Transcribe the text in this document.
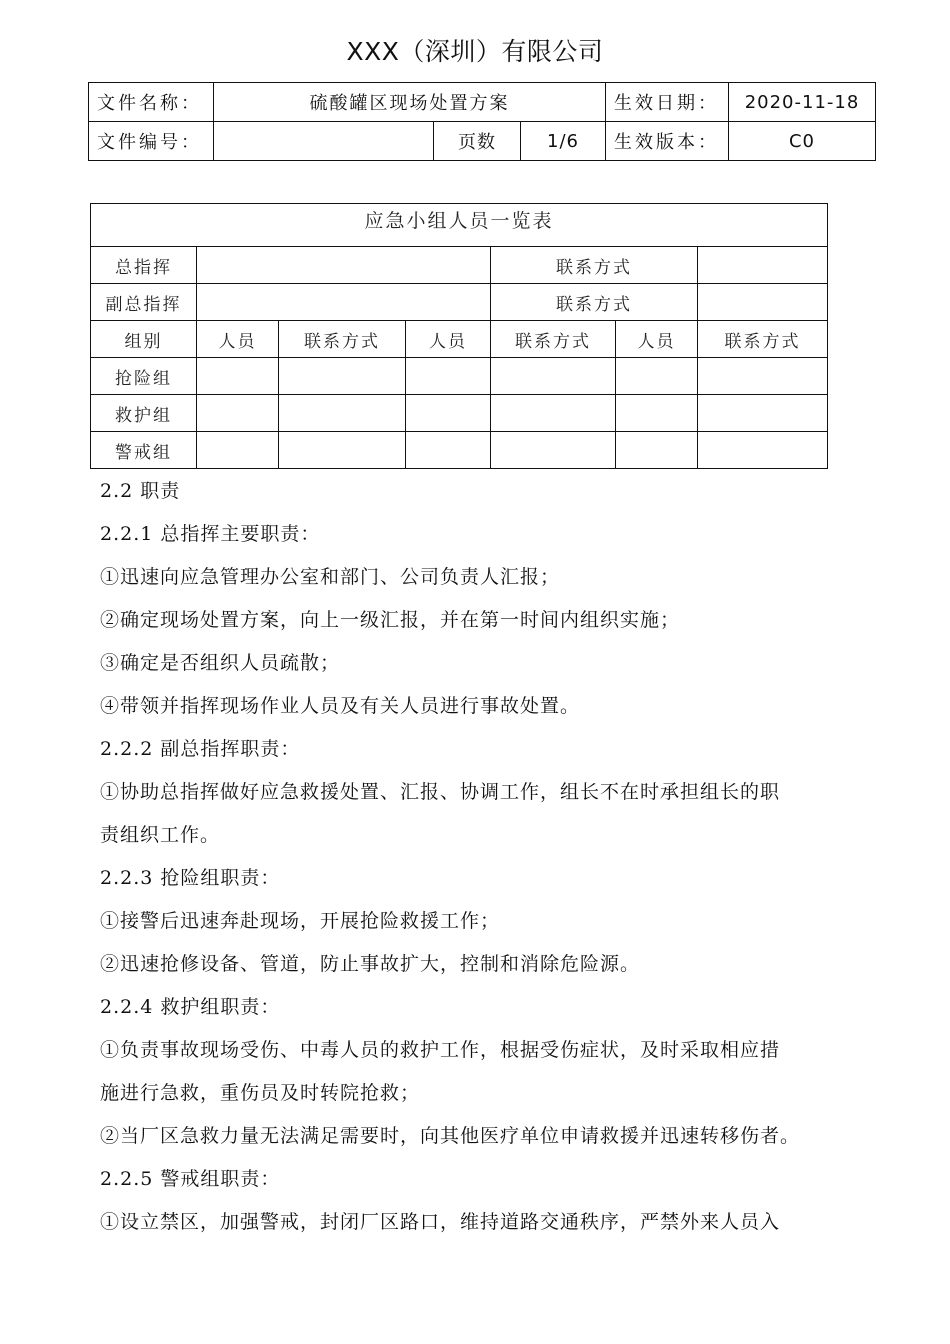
XXX（深圳）有限公司
文件名称：	硫酸罐区现场处置方案			生效日期：	2020-11-18
文件编号：		页数	1/6	生效版本：	C0
应急小组人员一览表						
总指挥				联系方式		
副总指挥				联系方式		
组别	人员	联系方式	人员	联系方式	人员	联系方式
抢险组						
救护组						
警戒组						

2.2 职责

2.2.1 总指挥主要职责：

①迅速向应急管理办公室和部门、公司负责人汇报；

②确定现场处置方案，向上一级汇报，并在第一时间内组织实施；

③确定是否组织人员疏散；

④带领并指挥现场作业人员及有关人员进行事故处置。

2.2.2 副总指挥职责：

①协助总指挥做好应急救援处置、汇报、协调工作，组长不在时承担组长的职

责组织工作。

2.2.3 抢险组职责：

①接警后迅速奔赴现场，开展抢险救援工作；

②迅速抢修设备、管道，防止事故扩大，控制和消除危险源。

2.2.4 救护组职责：

①负责事故现场受伤、中毒人员的救护工作，根据受伤症状，及时采取相应措

施进行急救，重伤员及时转院抢救；

②当厂区急救力量无法满足需要时，向其他医疗单位申请救援并迅速转移伤者。

2.2.5 警戒组职责：

①设立禁区，加强警戒，封闭厂区路口，维持道路交通秩序，严禁外来人员入
